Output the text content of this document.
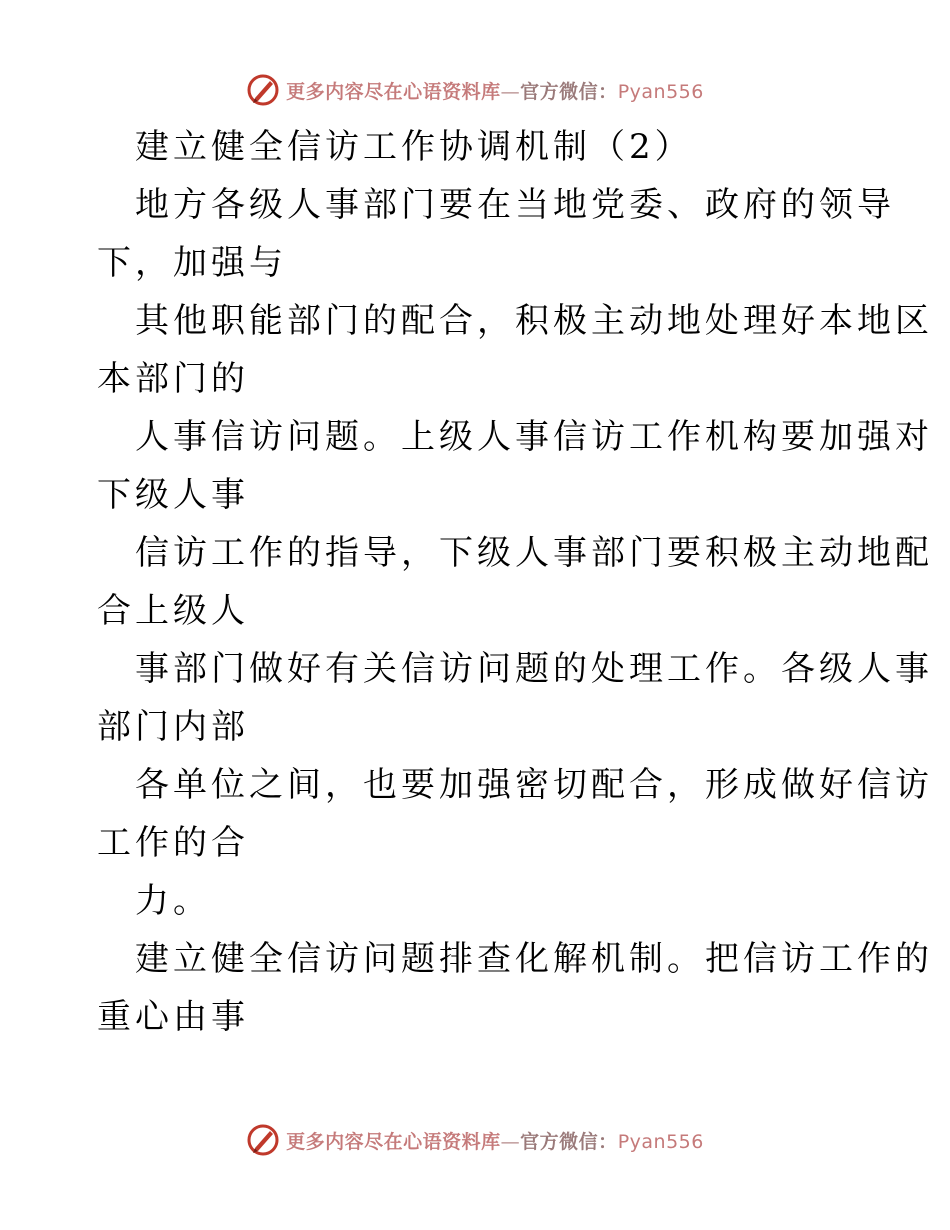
更多内容尽在心语资料库—官方微信：Pyan556
建立健全信访工作协调机制（2）
地方各级人事部门要在当地党委、政府的领导
下，加强与
其他职能部门的配合，积极主动地处理好本地区
本部门的
人事信访问题。上级人事信访工作机构要加强对
下级人事
信访工作的指导，下级人事部门要积极主动地配
合上级人
事部门做好有关信访问题的处理工作。各级人事
部门内部
各单位之间，也要加强密切配合，形成做好信访
工作的合
力。
建立健全信访问题排查化解机制。把信访工作的
重心由事
更多内容尽在心语资料库—官方微信：Pyan556
